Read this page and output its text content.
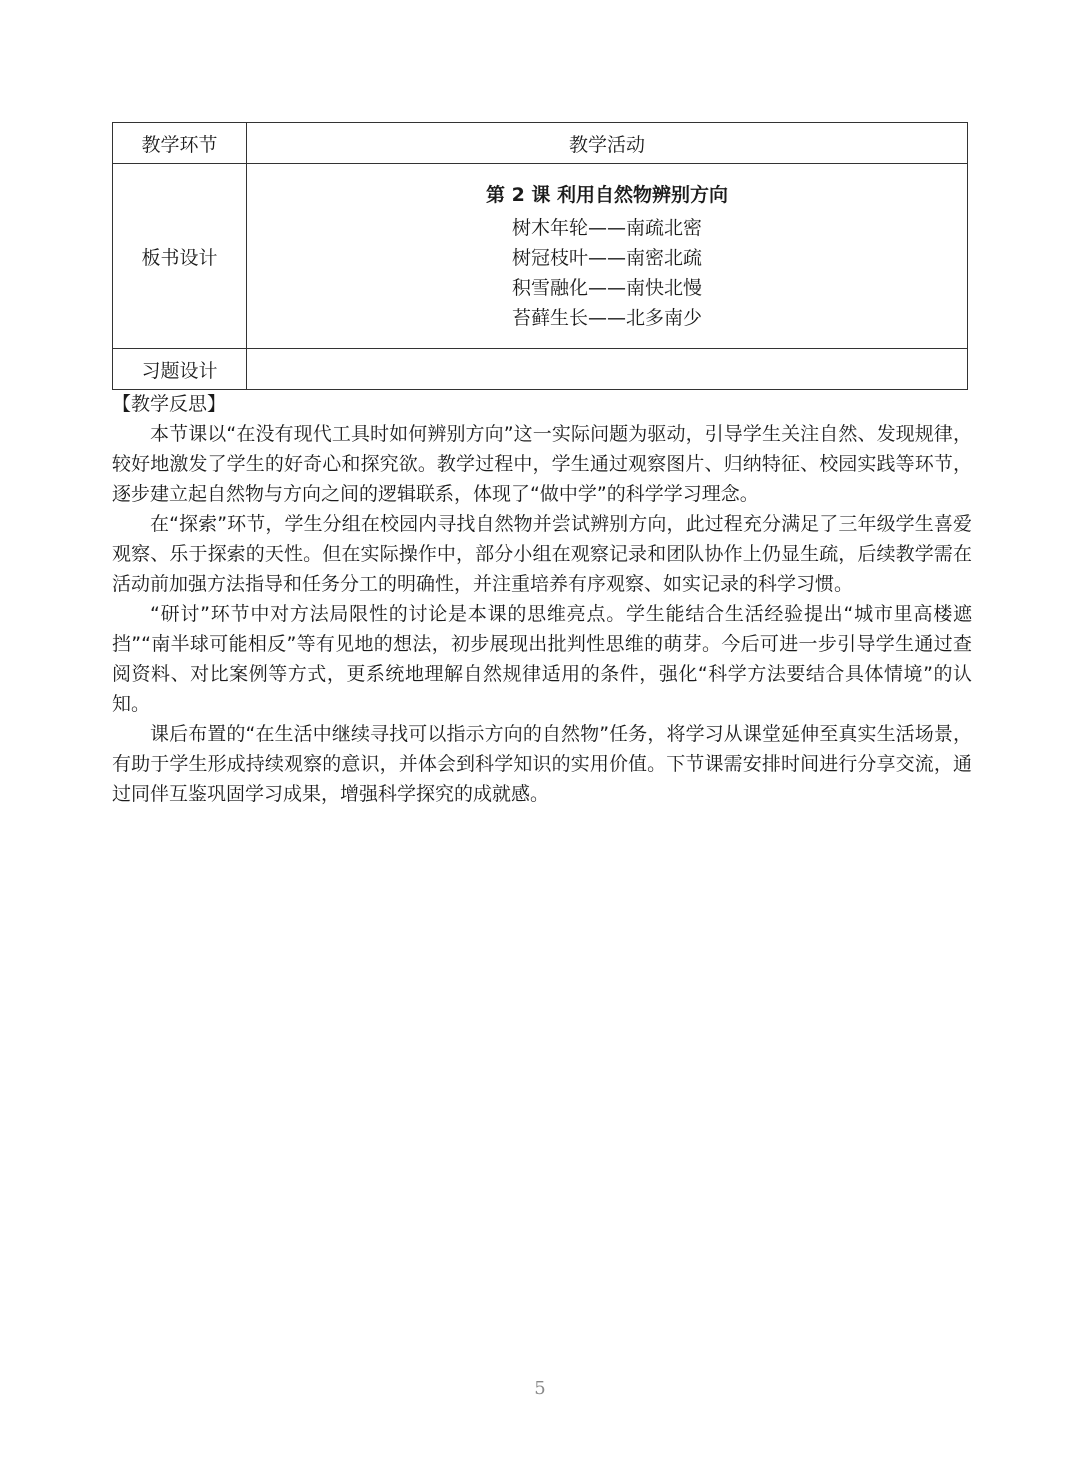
教学环节	教学活动
板书设计	第 2 课 利用自然物辨别方向
树木年轮——南疏北密
树冠枝叶——南密北疏
积雪融化——南快北慢
苔藓生长——北多南少

习题设计	
【教学反思】

本节课以“在没有现代工具时如何辨别方向”这一实际问题为驱动，引导学生关注自然、发现规律，较好地激发了学生的好奇心和探究欲。教学过程中，学生通过观察图片、归纳特征、校园实践等环节，逐步建立起自然物与方向之间的逻辑联系，体现了“做中学”的科学学习理念。

在“探索”环节，学生分组在校园内寻找自然物并尝试辨别方向，此过程充分满足了三年级学生喜爱观察、乐于探索的天性。但在实际操作中，部分小组在观察记录和团队协作上仍显生疏，后续教学需在活动前加强方法指导和任务分工的明确性，并注重培养有序观察、如实记录的科学习惯。

“研讨”环节中对方法局限性的讨论是本课的思维亮点。学生能结合生活经验提出“城市里高楼遮挡”“南半球可能相反”等有见地的想法，初步展现出批判性思维的萌芽。今后可进一步引导学生通过查阅资料、对比案例等方式，更系统地理解自然规律适用的条件，强化“科学方法要结合具体情境”的认知。

课后布置的“在生活中继续寻找可以指示方向的自然物”任务，将学习从课堂延伸至真实生活场景，有助于学生形成持续观察的意识，并体会到科学知识的实用价值。下节课需安排时间进行分享交流，通过同伴互鉴巩固学习成果，增强科学探究的成就感。

5
